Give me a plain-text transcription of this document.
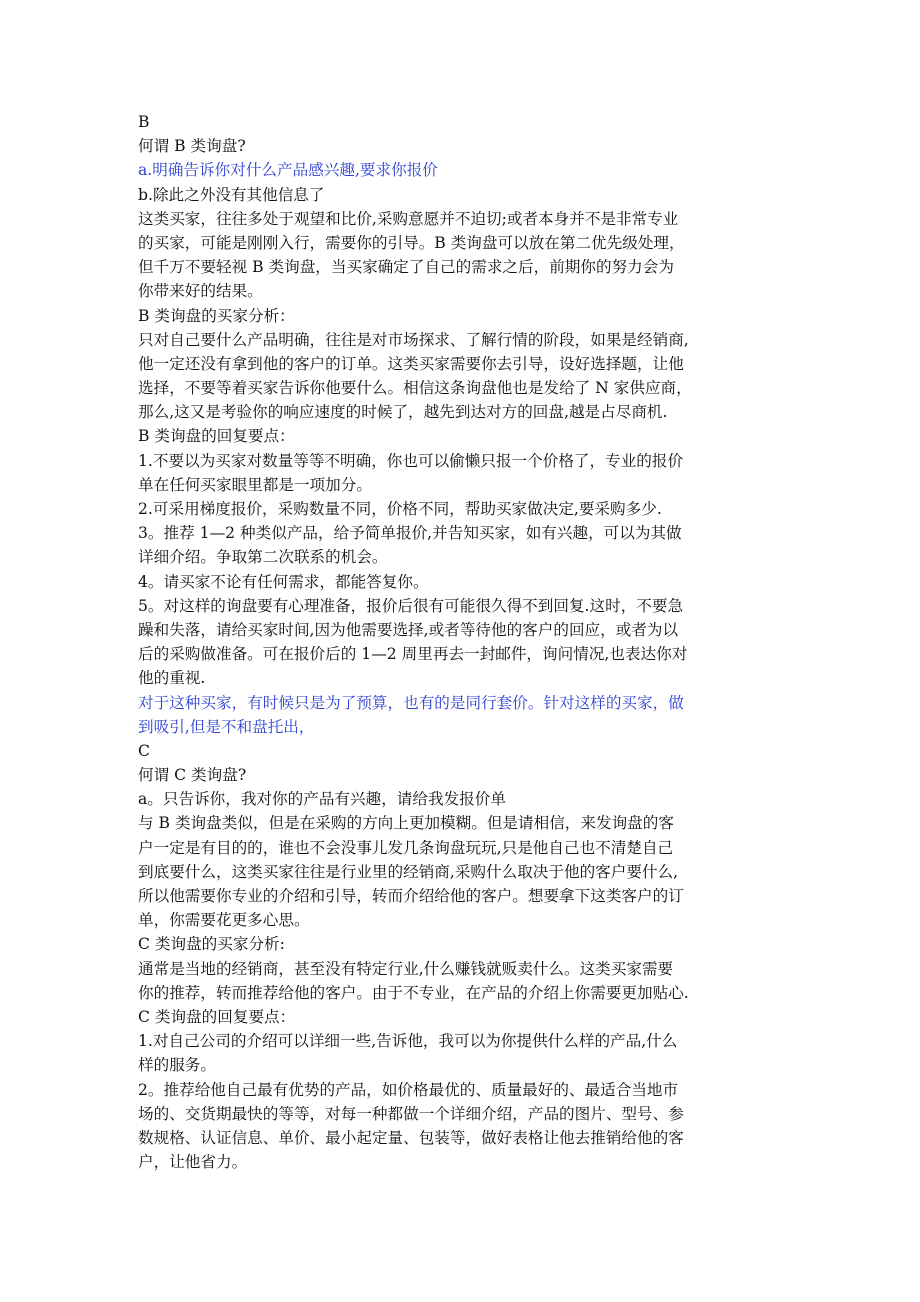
B
何谓 B 类询盘?
a.明确告诉你对什么产品感兴趣,要求你报价
b.除此之外没有其他信息了
这类买家，往往多处于观望和比价,采购意愿并不迫切;或者本身并不是非常专业
的买家，可能是刚刚入行，需要你的引导。B 类询盘可以放在第二优先级处理，
但千万不要轻视 B 类询盘，当买家确定了自己的需求之后，前期你的努力会为
你带来好的结果。
B 类询盘的买家分析：
只对自己要什么产品明确，往往是对市场探求、了解行情的阶段，如果是经销商,
他一定还没有拿到他的客户的订单。这类买家需要你去引导，设好选择题，让他
选择，不要等着买家告诉你他要什么。相信这条询盘他也是发给了 N 家供应商，
那么,这又是考验你的响应速度的时候了，越先到达对方的回盘,越是占尽商机.
B 类询盘的回复要点：
1.不要以为买家对数量等等不明确，你也可以偷懒只报一个价格了，专业的报价
单在任何买家眼里都是一项加分。
2.可采用梯度报价，采购数量不同，价格不同，帮助买家做决定,要采购多少.
3。推荐 1—2 种类似产品，给予简单报价,并告知买家，如有兴趣，可以为其做
详细介绍。争取第二次联系的机会。
4。请买家不论有任何需求，都能答复你。
5。对这样的询盘要有心理准备，报价后很有可能很久得不到回复.这时，不要急
躁和失落，请给买家时间,因为他需要选择,或者等待他的客户的回应，或者为以
后的采购做准备。可在报价后的 1—2 周里再去一封邮件，询问情况,也表达你对
他的重视.
对于这种买家，有时候只是为了预算，也有的是同行套价。针对这样的买家，做
到吸引,但是不和盘托出，
C
何谓 C 类询盘?
a。只告诉你，我对你的产品有兴趣，请给我发报价单
与 B 类询盘类似，但是在采购的方向上更加模糊。但是请相信，来发询盘的客
户一定是有目的的，谁也不会没事儿发几条询盘玩玩,只是他自己也不清楚自己
到底要什么，这类买家往往是行业里的经销商,采购什么取决于他的客户要什么,
所以他需要你专业的介绍和引导，转而介绍给他的客户。想要拿下这类客户的订
单，你需要花更多心思。
C 类询盘的买家分析:
通常是当地的经销商，甚至没有特定行业,什么赚钱就贩卖什么。这类买家需要
你的推荐，转而推荐给他的客户。由于不专业，在产品的介绍上你需要更加贴心.
C 类询盘的回复要点：
1.对自己公司的介绍可以详细一些,告诉他，我可以为你提供什么样的产品,什么
样的服务。
2。推荐给他自己最有优势的产品，如价格最优的、质量最好的、最适合当地市
场的、交货期最快的等等，对每一种都做一个详细介绍，产品的图片、型号、参
数规格、认证信息、单价、最小起定量、包装等，做好表格让他去推销给他的客
户，让他省力。
